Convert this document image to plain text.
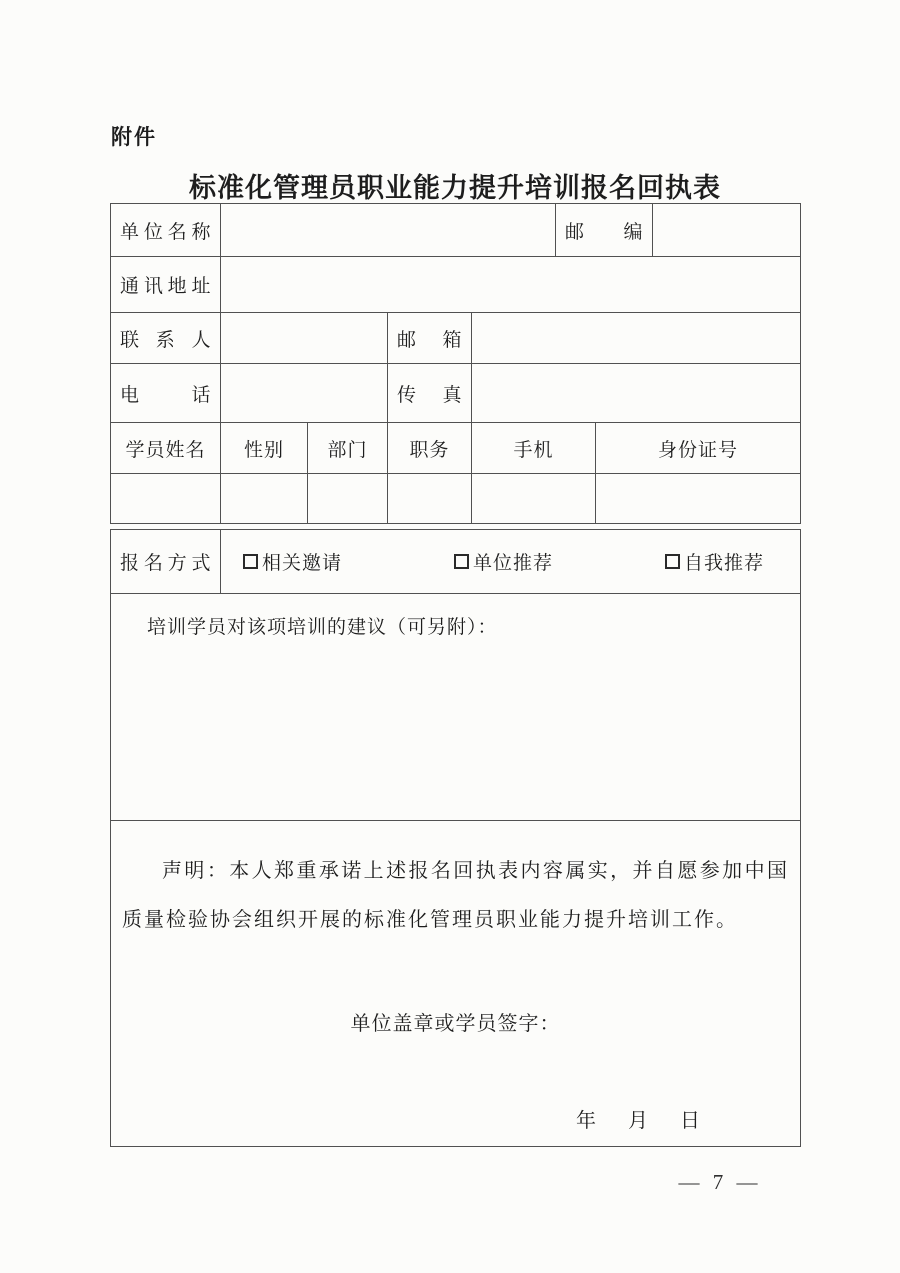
附件
标准化管理员职业能力提升培训报名回执表
单位名称					邮编		
通讯地址							
联系人			邮箱				
电话			传真				
学员姓名	性别	部门	职务	手机		身份证号	

报名方式	相关邀请	单位推荐	自我推荐

培训学员对该项培训的建议（可另附）：

声明：本人郑重承诺上述报名回执表内容属实，并自愿参加中国质量检验协会组织开展的标准化管理员职业能力提升培训工作。

单位盖章或学员签字：
年 月 日
— 7 —
